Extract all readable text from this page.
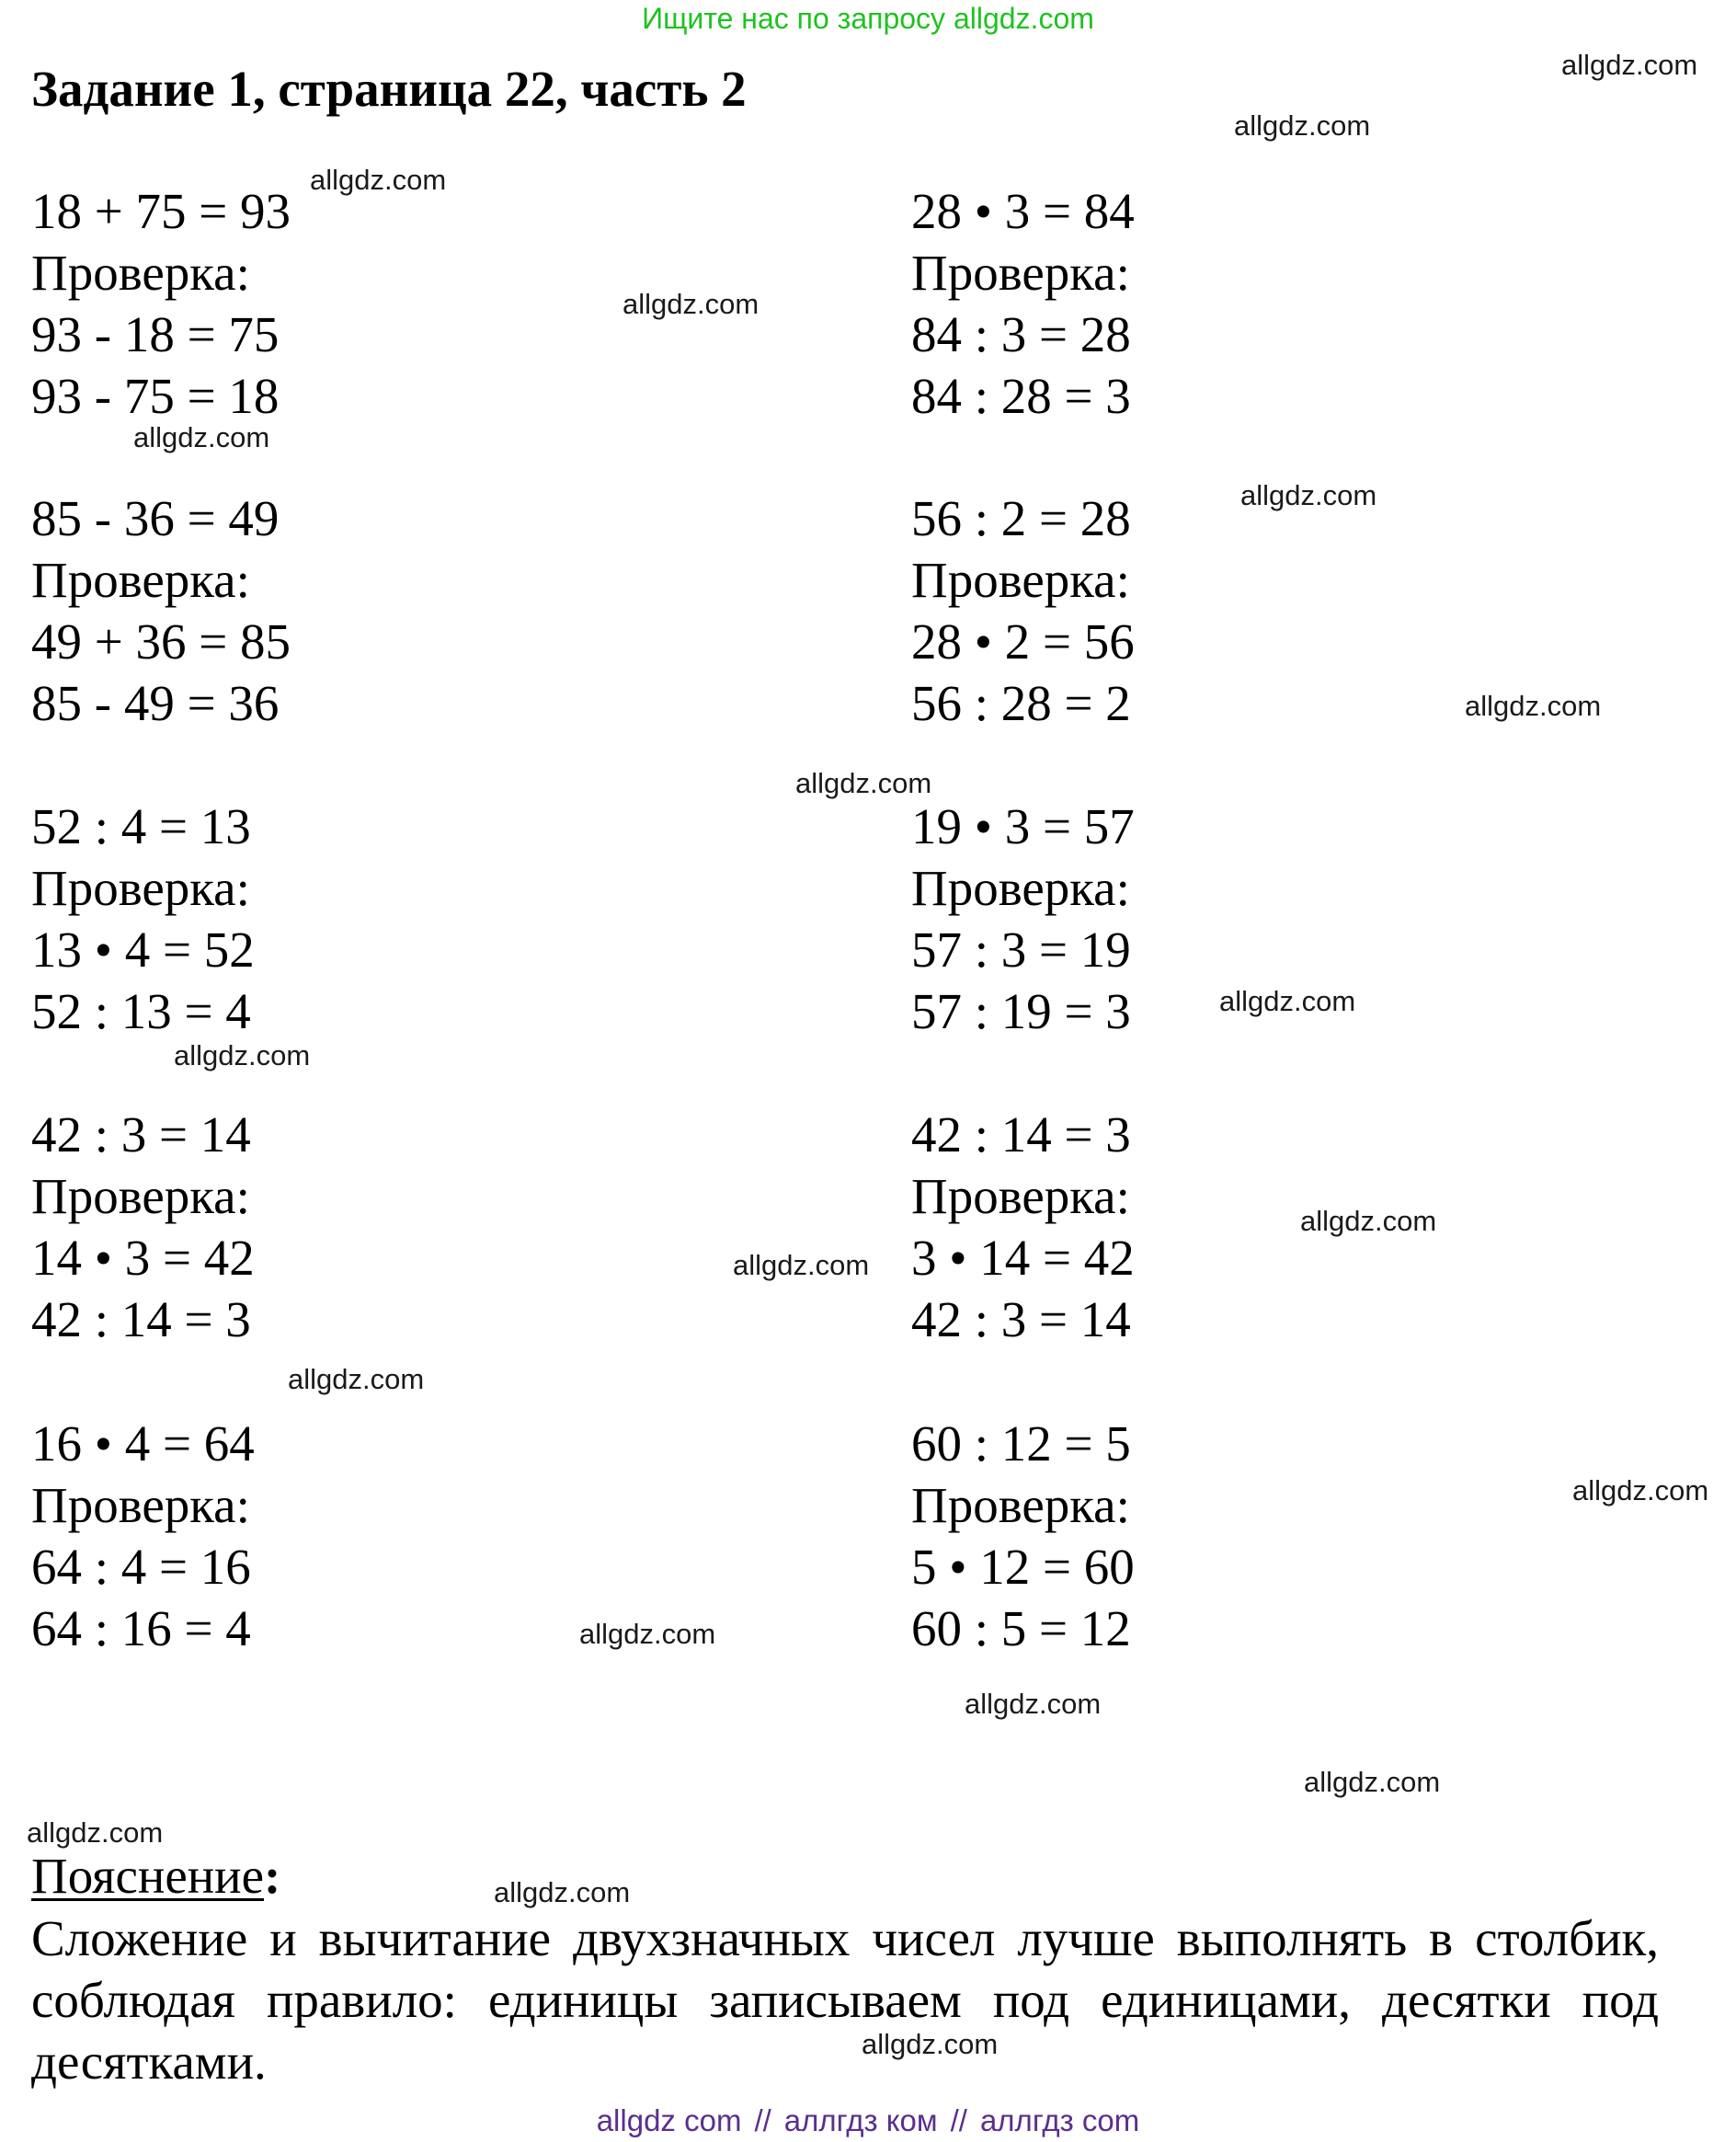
Ищите нас по запросу allgdz.com
Задание 1, страница 22, часть 2
18 + 75 = 93
Проверка:
93 - 18 = 75
93 - 75 = 18
28 • 3 = 84
Проверка:
84 : 3 = 28
84 : 28 = 3
85 - 36 = 49
Проверка:
49 + 36 = 85
85 - 49 = 36
56 : 2 = 28
Проверка:
28 • 2 = 56
56 : 28 = 2
52 : 4 = 13
Проверка:
13 • 4 = 52
52 : 13 = 4
19 • 3 = 57
Проверка:
57 : 3 = 19
57 : 19 = 3
42 : 3 = 14
Проверка:
14 • 3 = 42
42 : 14 = 3
42 : 14 = 3
Проверка:
3 • 14 = 42
42 : 3 = 14
16 • 4 = 64
Проверка:
64 : 4 = 16
64 : 16 = 4
60 : 12 = 5
Проверка:
5 • 12 = 60
60 : 5 = 12
Пояснение:
Сложение и вычитание двухзначных чисел лучше выполнять в столбик, соблюдая правило: единицы записываем под единицами, десятки под десятками.
allgdz.com
allgdz.com
allgdz.com
allgdz.com
allgdz.com
allgdz.com
allgdz.com
allgdz.com
allgdz.com
allgdz.com
allgdz.com
allgdz.com
allgdz.com
allgdz.com
allgdz.com
allgdz.com
allgdz.com
allgdz.com
allgdz.com
allgdz.com
allgdz com // аллгдз ком // аллгдз com
